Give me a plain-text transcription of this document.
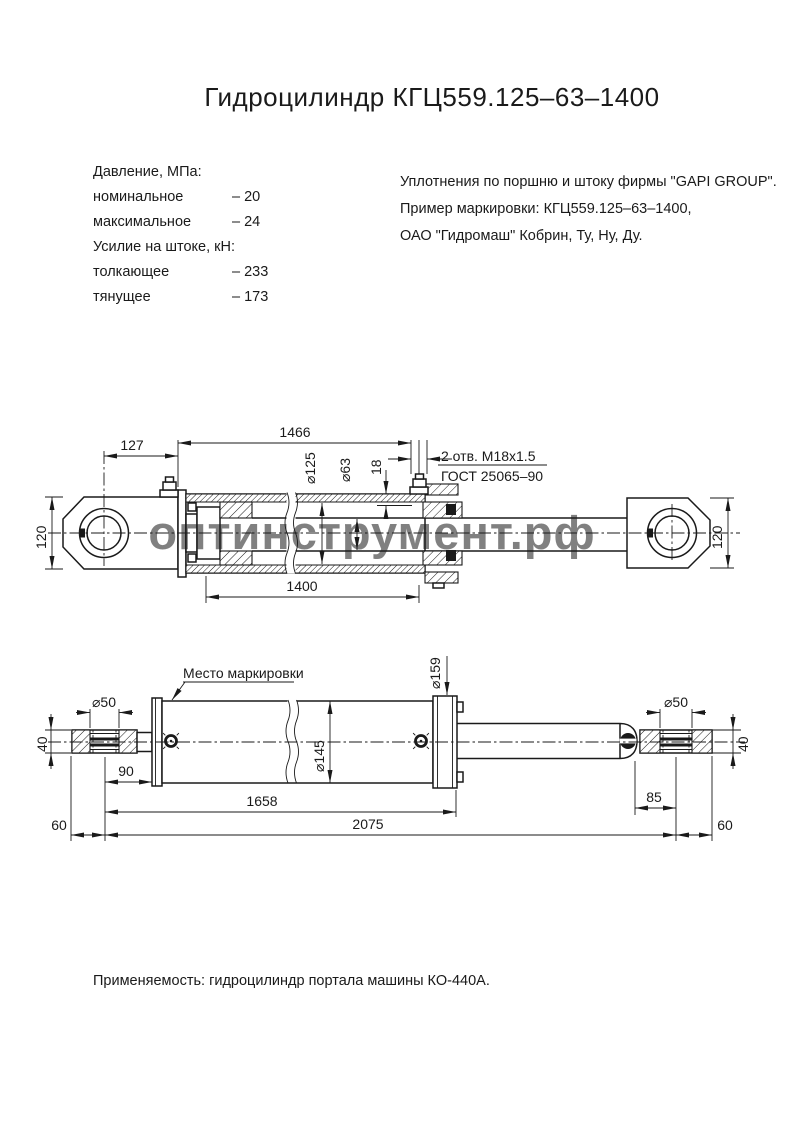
Гидроцилиндр КГЦ559.125–63–1400
Давление, МПа:
номинальное	– 20
максимальное	– 24
Усилие на штоке, кН:
толкающее	– 233
тянущее	– 173
Уплотнения по поршню и штоку фирмы "GAPI GROUP".
Пример маркировки: КГЦ559.125–63–1400,
ОАО "Гидромаш" Кобрин, Ту, Ну, Ду.
127
1466
⌀125 ⌀63 18
2 отв. М18х1.5
ГОСТ 25065–90
120	120
1400
Место маркировки
⌀50	⌀50
40	40
⌀145
⌀159
90
1658
2075
85
60	60
оптинструмент.рф
Применяемость: гидроцилиндр портала машины КО-440А.
